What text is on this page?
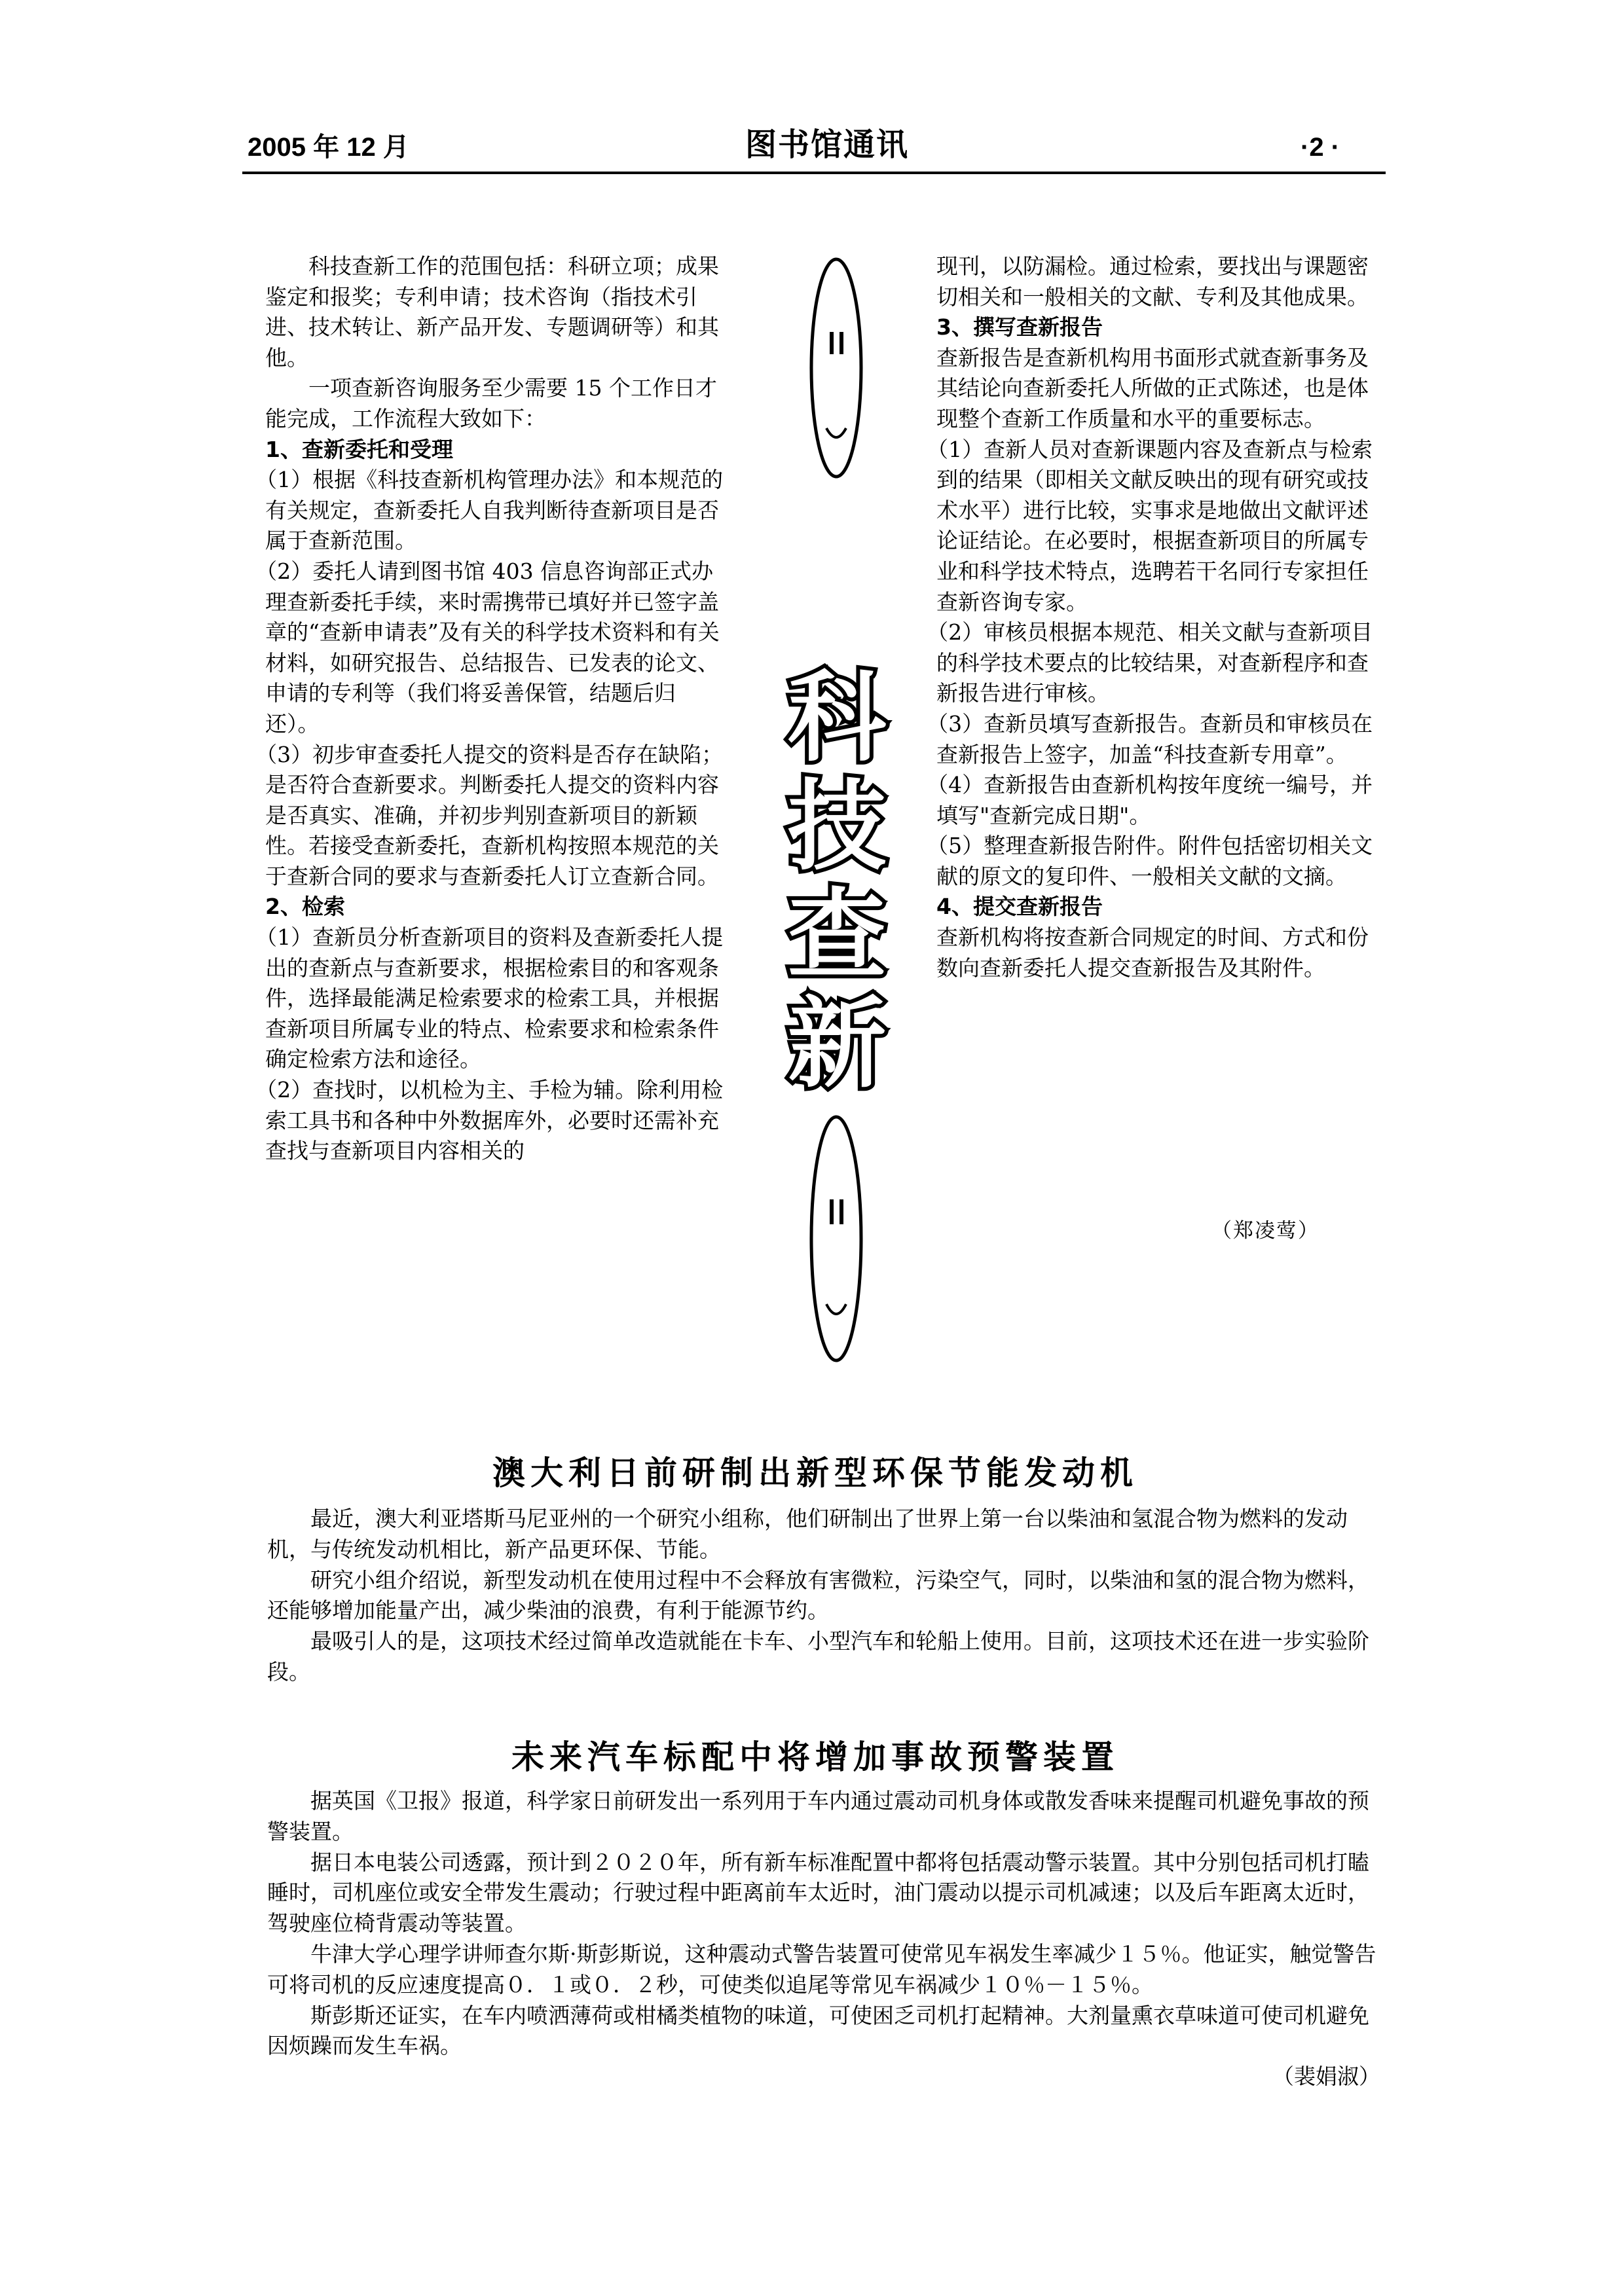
2005 年 12 月	图书馆通讯	·2 ·

科技查新工作的范围包括：科研立项；成果鉴定和报奖；专利申请；技术咨询（指技术引进、技术转让、新产品开发、专题调研等）和其他。

一项查新咨询服务至少需要 15 个工作日才能完成，工作流程大致如下：

1、查新委托和受理

（1）根据《科技查新机构管理办法》和本规范的有关规定，查新委托人自我判断待查新项目是否属于查新范围。

（2）委托人请到图书馆 403 信息咨询部正式办理查新委托手续，来时需携带已填好并已签字盖章的“查新申请表”及有关的科学技术资料和有关材料，如研究报告、总结报告、已发表的论文、申请的专利等（我们将妥善保管，结题后归还）。

（3）初步审查委托人提交的资料是否存在缺陷；是否符合查新要求。判断委托人提交的资料内容是否真实、准确，并初步判别查新项目的新颖性。若接受查新委托，查新机构按照本规范的关于查新合同的要求与查新委托人订立查新合同。

2、检索

（1）查新员分析查新项目的资料及查新委托人提出的查新点与查新要求，根据检索目的和客观条件，选择最能满足检索要求的检索工具，并根据查新项目所属专业的特点、检索要求和检索条件确定检索方法和途径。

（2）查找时，以机检为主、手检为辅。除利用检索工具书和各种中外数据库外，必要时还需补充查找与查新项目内容相关的

科
技
查
新

现刊，以防漏检。通过检索，要找出与课题密切相关和一般相关的文献、专利及其他成果。

3、撰写查新报告

查新报告是查新机构用书面形式就查新事务及其结论向查新委托人所做的正式陈述，也是体现整个查新工作质量和水平的重要标志。

（1）查新人员对查新课题内容及查新点与检索到的结果（即相关文献反映出的现有研究或技术水平）进行比较，实事求是地做出文献评述论证结论。在必要时，根据查新项目的所属专业和科学技术特点，选聘若干名同行专家担任查新咨询专家。

（2）审核员根据本规范、相关文献与查新项目的科学技术要点的比较结果，对查新程序和查新报告进行审核。

（3）查新员填写查新报告。查新员和审核员在查新报告上签字，加盖“科技查新专用章”。

（4）查新报告由查新机构按年度统一编号，并填写"查新完成日期"。

（5）整理查新报告附件。附件包括密切相关文献的原文的复印件、一般相关文献的文摘。

4、提交查新报告

查新机构将按查新合同规定的时间、方式和份数向查新委托人提交查新报告及其附件。

（郑凌莺）
澳大利日前研制出新型环保节能发动机

最近，澳大利亚塔斯马尼亚州的一个研究小组称，他们研制出了世界上第一台以柴油和氢混合物为燃料的发动机，与传统发动机相比，新产品更环保、节能。

研究小组介绍说，新型发动机在使用过程中不会释放有害微粒，污染空气，同时，以柴油和氢的混合物为燃料，还能够增加能量产出，减少柴油的浪费，有利于能源节约。

最吸引人的是，这项技术经过简单改造就能在卡车、小型汽车和轮船上使用。目前，这项技术还在进一步实验阶段。

未来汽车标配中将增加事故预警装置

据英国《卫报》报道，科学家日前研发出一系列用于车内通过震动司机身体或散发香味来提醒司机避免事故的预警装置。

据日本电装公司透露，预计到２０２０年，所有新车标准配置中都将包括震动警示装置。其中分别包括司机打瞌睡时，司机座位或安全带发生震动；行驶过程中距离前车太近时，油门震动以提示司机减速；以及后车距离太近时，驾驶座位椅背震动等装置。

牛津大学心理学讲师查尔斯·斯彭斯说，这种震动式警告装置可使常见车祸发生率减少１５％。他证实，触觉警告可将司机的反应速度提高０．１或０．２秒，可使类似追尾等常见车祸减少１０％－１５％。

斯彭斯还证实，在车内喷洒薄荷或柑橘类植物的味道，可使困乏司机打起精神。大剂量熏衣草味道可使司机避免因烦躁而发生车祸。

（裴娟淑）
